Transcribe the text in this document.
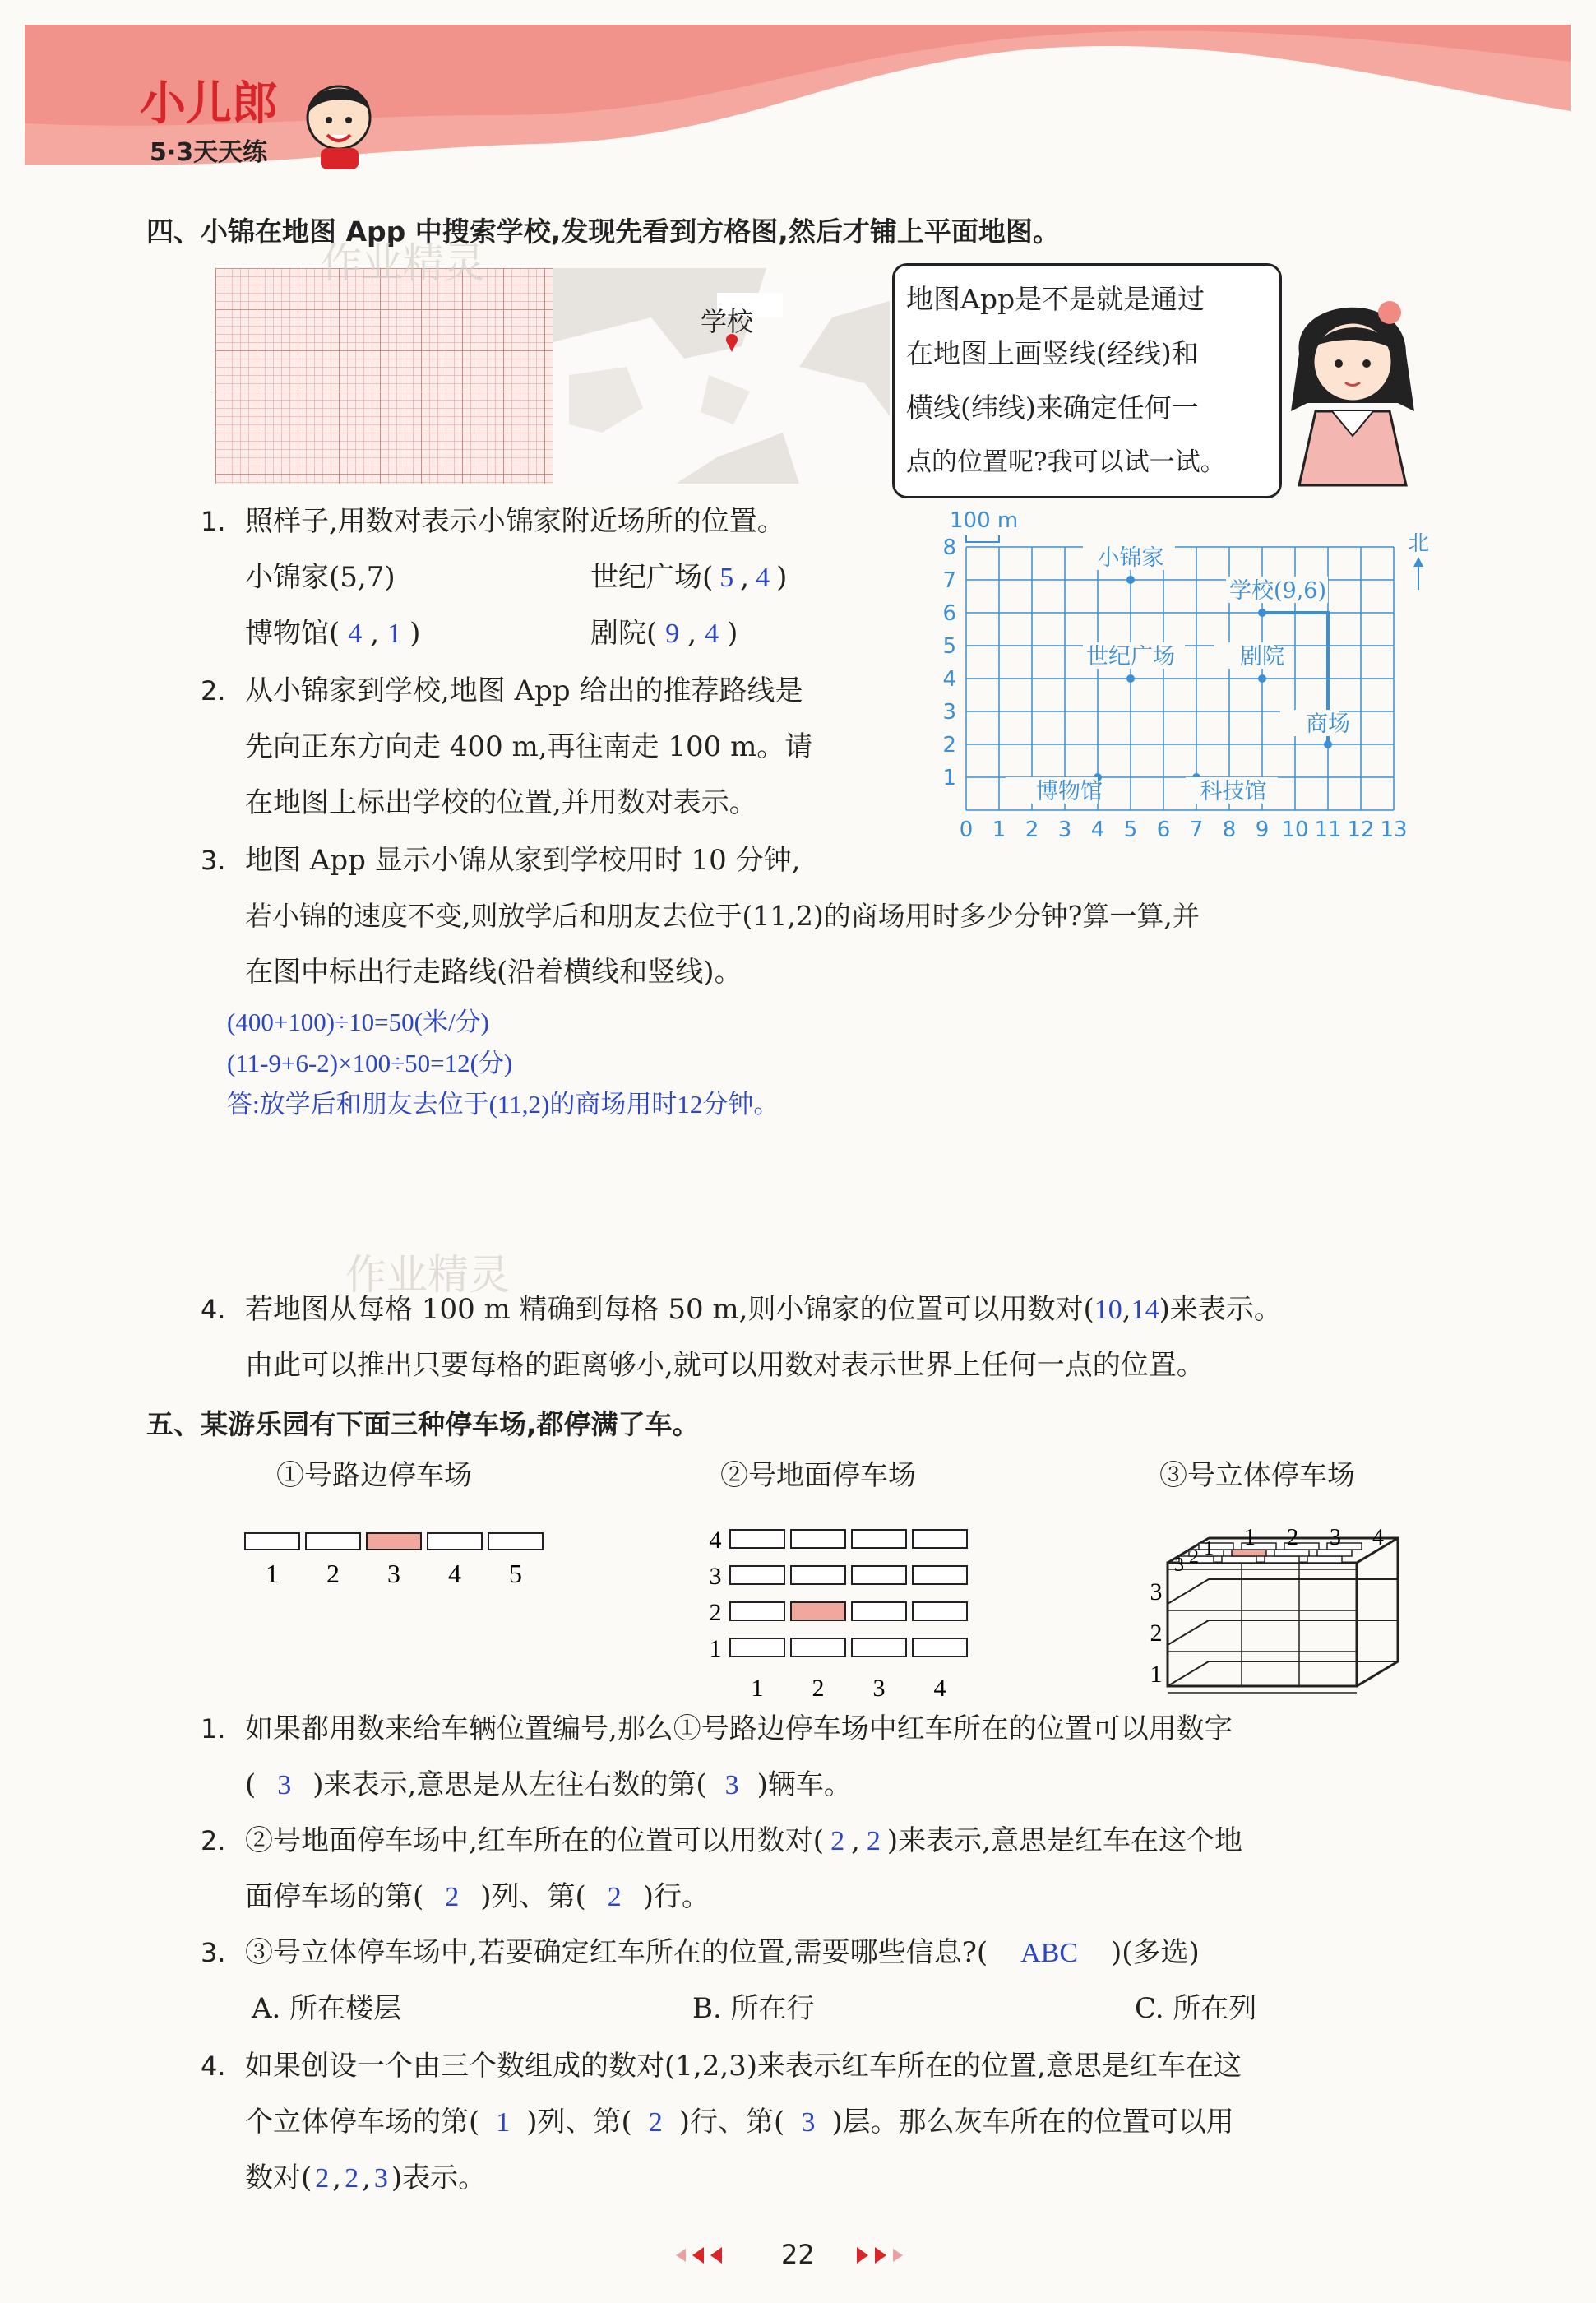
小儿郎
5·3天天练
四、小锦在地图 App 中搜索学校,发现先看到方格图,然后才铺上平面地图。
学校
作业精灵
地图App是不是就是通过
在地图上画竖线(经线)和
横线(纬线)来确定任何一
点的位置呢?我可以试一试。
1. 照样子,用数对表示小锦家附近场所的位置。
小锦家(5,7)	世纪广场( 5 , 4 )
博物馆( 4 , 1 )	剧院( 9 , 4 )
2. 从小锦家到学校,地图 App 给出的推荐路线是
先向正东方向走 400 m,再往南走 100 m。请
在地图上标出学校的位置,并用数对表示。
3. 地图 App 显示小锦从家到学校用时 10 分钟,
若小锦的速度不变,则放学后和朋友去位于(11,2)的商场用时多少分钟?算一算,并
在图中标出行走路线(沿着横线和竖线)。
(400+100)÷10=50(米/分)
(11-9+6-2)×100÷50=12(分)
答:放学后和朋友去位于(11,2)的商场用时12分钟。
0 1 2 3 4 5 6 7 8 9 10 11 12 13
1
2
3
4
5
6
7
8
100 m
北
小锦家
学校(9,6)
世纪广场	剧院
商场
博物馆	科技馆
作业精灵
4. 若地图从每格 100 m 精确到每格 50 m,则小锦家的位置可以用数对(10,14)来表示。
由此可以推出只要每格的距离够小,就可以用数对表示世界上任何一点的位置。
五、某游乐园有下面三种停车场,都停满了车。
①号路边停车场	②号地面停车场	③号立体停车场
1 2 3 4 5
4
3
2
1
1 2 3 4
1 2 3 4
3 2 1
1
2
3
1. 如果都用数来给车辆位置编号,那么①号路边停车场中红车所在的位置可以用数字
( 3 )来表示,意思是从左往右数的第( 3 )辆车。
2. ②号地面停车场中,红车所在的位置可以用数对( 2 , 2 )来表示,意思是红车在这个地
面停车场的第( 2 )列、第( 2 )行。
3. ③号立体停车场中,若要确定红车所在的位置,需要哪些信息?( ABC )(多选)
A. 所在楼层	B. 所在行	C. 所在列
4. 如果创设一个由三个数组成的数对(1,2,3)来表示红车所在的位置,意思是红车在这
个立体停车场的第( 1 )列、第( 2 )行、第( 3 )层。那么灰车所在的位置可以用
数对( 2 , 2 , 3 )表示。
22
